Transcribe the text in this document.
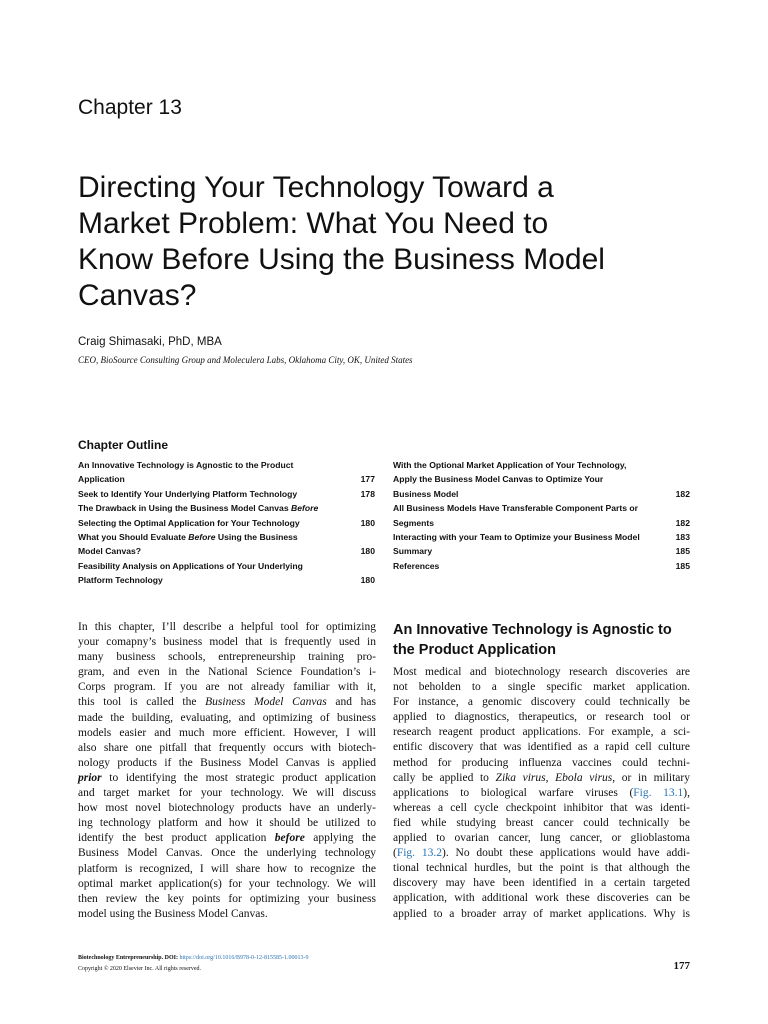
Chapter 13
Directing Your Technology Toward a
Market Problem: What You Need to
Know Before Using the Business Model
Canvas?
Craig Shimasaki, PhD, MBA
CEO, BioSource Consulting Group and Moleculera Labs, Oklahoma City, OK, United States
Chapter Outline
An Innovative Technology is Agnostic to the Product
Application	177
Seek to Identify Your Underlying Platform Technology	178
The Drawback in Using the Business Model Canvas Before
Selecting the Optimal Application for Your Technology	180
What you Should Evaluate Before Using the Business
Model Canvas?	180
Feasibility Analysis on Applications of Your Underlying
Platform Technology	180
With the Optional Market Application of Your Technology,
Apply the Business Model Canvas to Optimize Your
Business Model	182
All Business Models Have Transferable Component Parts or
Segments	182
Interacting with your Team to Optimize your Business Model	183
Summary	185
References	185
In this chapter, I’ll describe a helpful tool for optimizing
your comapny’s business model that is frequently used in
many business schools, entrepreneurship training pro-
gram, and even in the National Science Foundation’s i-
Corps program. If you are not already familiar with it,
this tool is called the Business Model Canvas and has
made the building, evaluating, and optimizing of business
models easier and much more efficient. However, I will
also share one pitfall that frequently occurs with biotech-
nology products if the Business Model Canvas is applied
prior to identifying the most strategic product application
and target market for your technology. We will discuss
how most novel biotechnology products have an underly-
ing technology platform and how it should be utilized to
identify the best product application before applying the
Business Model Canvas. Once the underlying technology
platform is recognized, I will share how to recognize the
optimal market application(s) for your technology. We will
then review the key points for optimizing your business
model using the Business Model Canvas.
An Innovative Technology is Agnostic to
the Product Application
Most medical and biotechnology research discoveries are
not beholden to a single specific market application.
For instance, a genomic discovery could technically be
applied to diagnostics, therapeutics, or research tool or
research reagent product applications. For example, a sci-
entific discovery that was identified as a rapid cell culture
method for producing influenza vaccines could techni-
cally be applied to Zika virus, Ebola virus, or in military
applications to biological warfare viruses (Fig. 13.1),
whereas a cell cycle checkpoint inhibitor that was identi-
fied while studying breast cancer could technically be
applied to ovarian cancer, lung cancer, or glioblastoma
(Fig. 13.2). No doubt these applications would have addi-
tional technical hurdles, but the point is that although the
discovery may have been identified in a certain targeted
application, with additional work these discoveries can be
applied to a broader array of market applications. Why is
Biotechnology Entrepreneurship. DOI: https://doi.org/10.1016/B978-0-12-815585-1.00013-9
Copyright © 2020 Elsevier Inc. All rights reserved.	177
